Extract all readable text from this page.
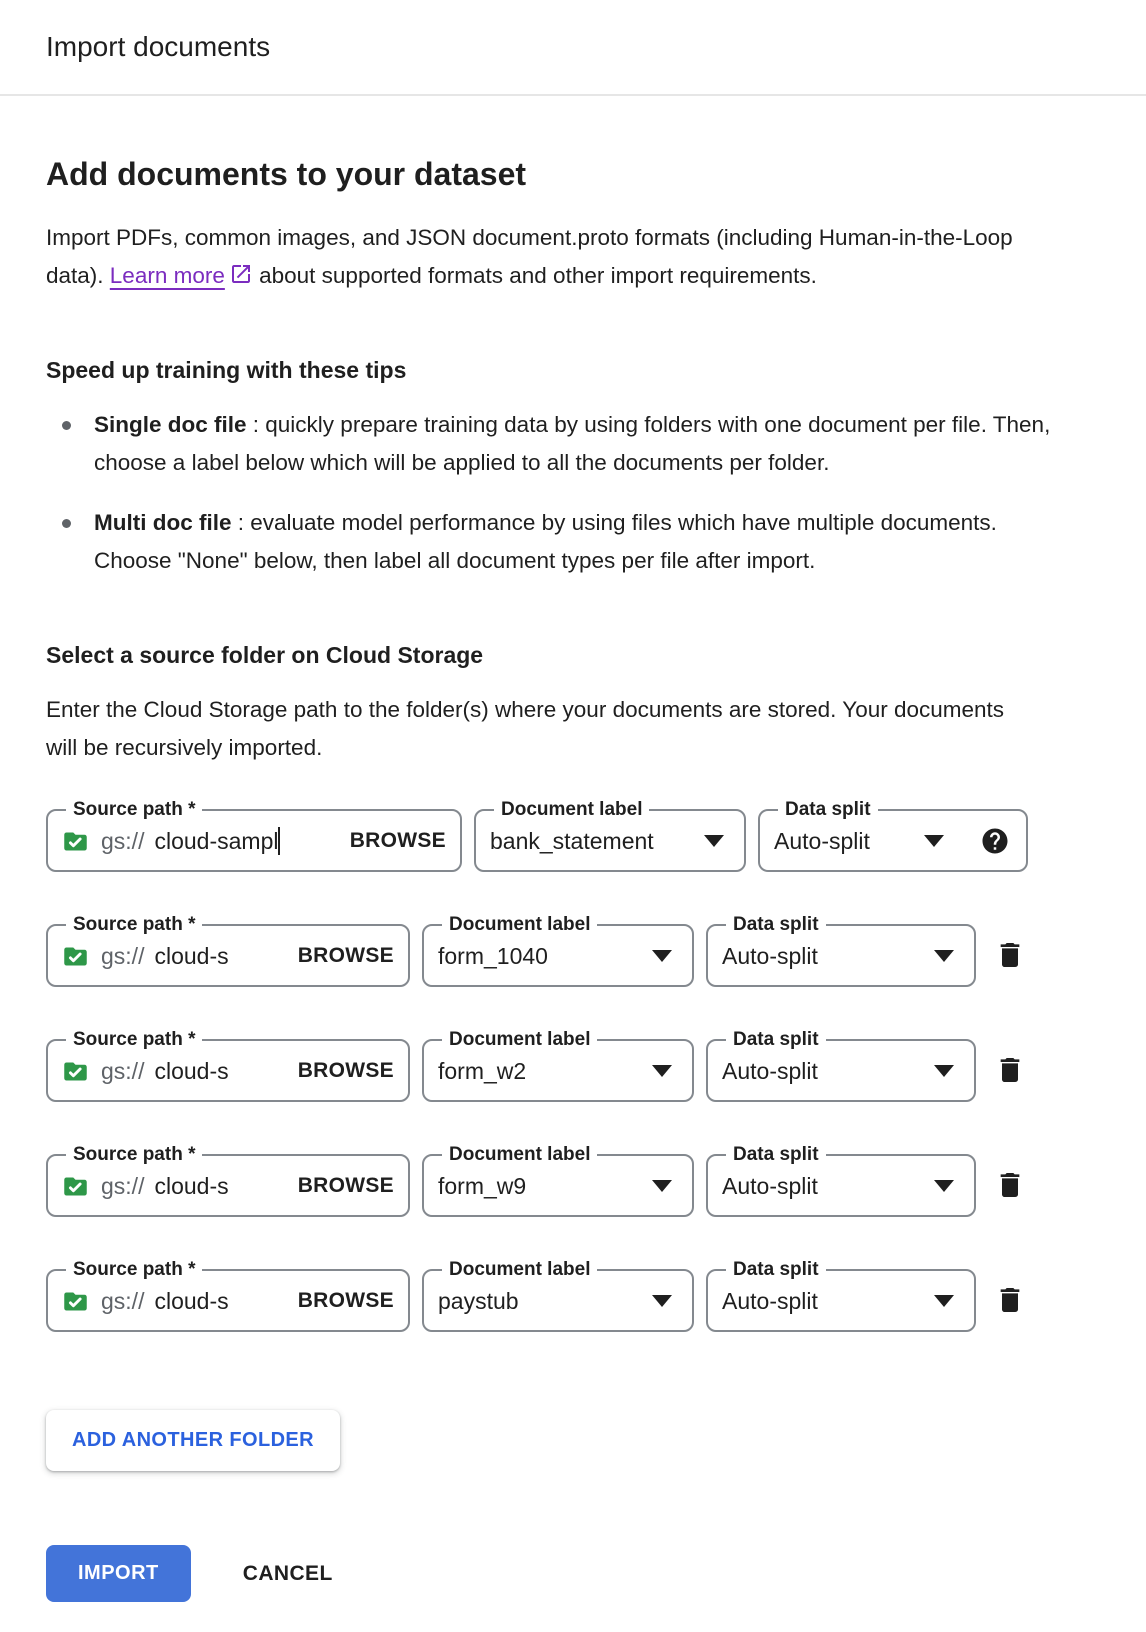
Import documents
Add documents to your dataset

Import PDFs, common images, and JSON document.proto formats (including Human-in-the-Loop data). Learn more about supported formats and other import requirements.

Speed up training with these tips
Single doc file : quickly prepare training data by using folders with one document per file. Then, choose a label below which will be applied to all the documents per folder.
Multi doc file : evaluate model performance by using files which have multiple documents. Choose "None" below, then label all document types per file after import.
Select a source folder on Cloud Storage

Enter the Cloud Storage path to the folder(s) where your documents are stored. Your documents will be recursively imported.

Source path *
gs:// cloud-sampl	BROWSE
Document label
bank_statement
Data split
Auto-split
Source path *
gs:// cloud-s	BROWSE
Document label
form_1040
Data split
Auto-split
Source path *
gs:// cloud-s	BROWSE
Document label
form_w2
Data split
Auto-split
Source path *
gs:// cloud-s	BROWSE
Document label
form_w9
Data split
Auto-split
Source path *
gs:// cloud-s	BROWSE
Document label
paystub
Data split
Auto-split
ADD ANOTHER FOLDER
IMPORT	CANCEL
